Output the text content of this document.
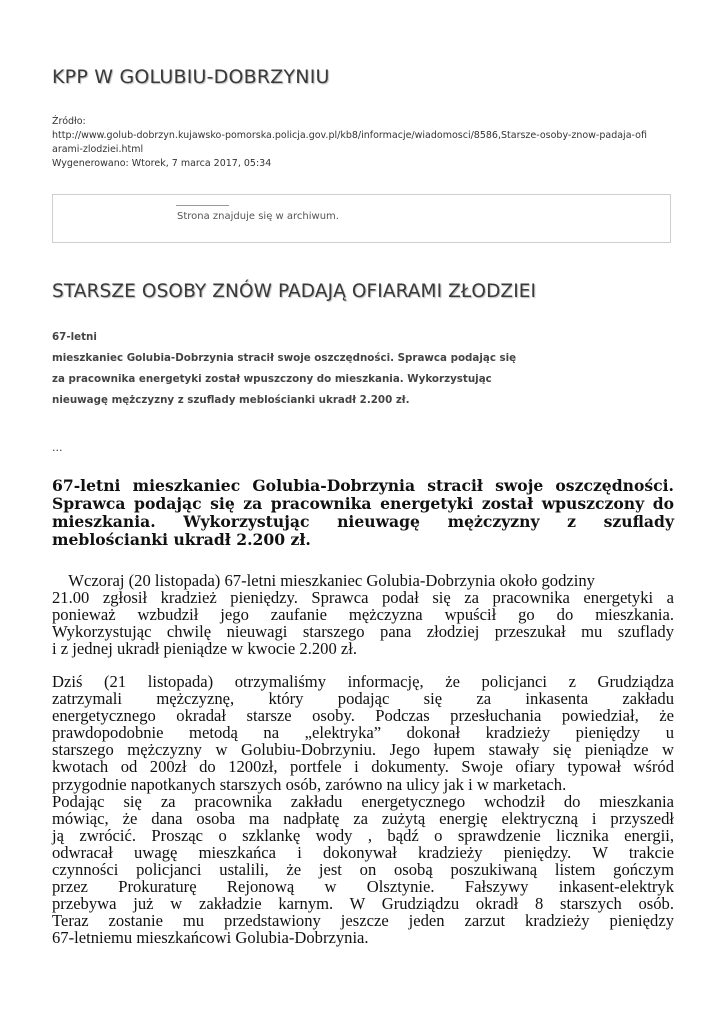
KPP W GOLUBIU-DOBRZYNIU
Źródło:
http://www.golub-dobrzyn.kujawsko-pomorska.policja.gov.pl/kb8/informacje/wiadomosci/8586,Starsze-osoby-znow-padaja-ofi
arami-zlodziei.html
Wygenerowano: Wtorek, 7 marca 2017, 05:34
Strona znajduje się w archiwum.
STARSZE OSOBY ZNÓW PADAJĄ OFIARAMI ZŁODZIEI
67-letni
mieszkaniec Golubia-Dobrzynia stracił swoje oszczędności. Sprawca podając się
za pracownika energetyki został wpuszczony do mieszkania. Wykorzystując
nieuwagę mężczyzny z szuflady meblościanki ukradł 2.200 zł.
...
67-letni mieszkaniec Golubia-Dobrzynia stracił swoje oszczędności.
Sprawca podając się za pracownika energetyki został wpuszczony do
mieszkania. Wykorzystując nieuwagę mężczyzny z szuflady
meblościanki ukradł 2.200 zł.
Wczoraj (20 listopada) 67-letni mieszkaniec Golubia-Dobrzynia około godziny
21.00 zgłosił kradzież pieniędzy. Sprawca podał się za pracownika energetyki a
ponieważ wzbudził jego zaufanie mężczyzna wpuścił go do mieszkania.
Wykorzystując chwilę nieuwagi starszego pana złodziej przeszukał mu szuflady
i z jednej ukradł pieniądze w kwocie 2.200 zł.
Dziś (21 listopada) otrzymaliśmy informację, że policjanci z Grudziądza
zatrzymali mężczyznę, który podając się za inkasenta zakładu
energetycznego okradał starsze osoby. Podczas przesłuchania powiedział, że
prawdopodobnie metodą na „elektryka” dokonał kradzieży pieniędzy u
starszego mężczyzny w Golubiu-Dobrzyniu. Jego łupem stawały się pieniądze w
kwotach od 200zł do 1200zł, portfele i dokumenty. Swoje ofiary typował wśród
przygodnie napotkanych starszych osób, zarówno na ulicy jak i w marketach.
Podając się za pracownika zakładu energetycznego wchodził do mieszkania
mówiąc, że dana osoba ma nadpłatę za zużytą energię elektryczną i przyszedł
ją zwrócić. Prosząc o szklankę wody , bądź o sprawdzenie licznika energii,
odwracał uwagę mieszkańca i dokonywał kradzieży pieniędzy. W trakcie
czynności policjanci ustalili, że jest on osobą poszukiwaną listem gończym
przez Prokuraturę Rejonową w Olsztynie. Fałszywy inkasent-elektryk
przebywa już w zakładzie karnym. W Grudziądzu okradł 8 starszych osób.
Teraz zostanie mu przedstawiony jeszcze jeden zarzut kradzieży pieniędzy
67-letniemu mieszkańcowi Golubia-Dobrzynia.
